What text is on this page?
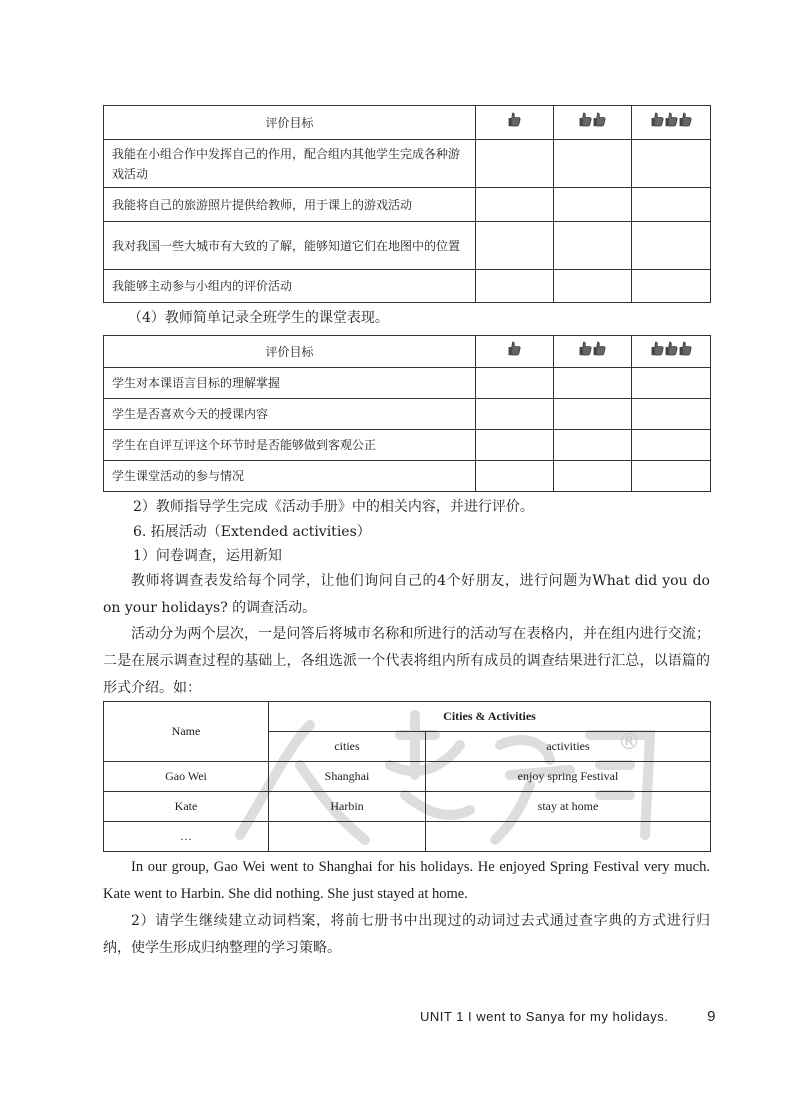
评价目标	

我能在小组合作中发挥自己的作用，配合组内其他学生完成各种游戏活动			
我能将自己的旅游照片提供给教师，用于课上的游戏活动			
我对我国一些大城市有大致的了解，能够知道它们在地图中的位置			
我能够主动参与小组内的评价活动			

（4）教师简单记录全班学生的课堂表现。

评价目标	

学生对本课语言目标的理解掌握			
学生是否喜欢今天的授课内容			
学生在自评互评这个环节时是否能够做到客观公正			
学生课堂活动的参与情况			

2）教师指导学生完成《活动手册》中的相关内容，并进行评价。

6. 拓展活动（Extended activities）

1）问卷调查，运用新知

教师将调查表发给每个同学，让他们询问自己的4个好朋友，进行问题为What did you do on your holidays? 的调查活动。

活动分为两个层次，一是问答后将城市名称和所进行的活动写在表格内，并在组内进行交流；二是在展示调查过程的基础上，各组选派一个代表将组内所有成员的调查结果进行汇总，以语篇的形式介绍。如：

®
Name	Cities & Activities	
	cities	activities
Gao Wei	Shanghai	enjoy spring Festival
Kate	Harbin	stay at home
…		

In our group, Gao Wei went to Shanghai for his holidays. He enjoyed Spring Festival very much. Kate went to Harbin. She did nothing. She just stayed at home.

2）请学生继续建立动词档案，将前七册书中出现过的动词过去式通过查字典的方式进行归纳，使学生形成归纳整理的学习策略。

UNIT 1 I went to Sanya for my holidays.	9
